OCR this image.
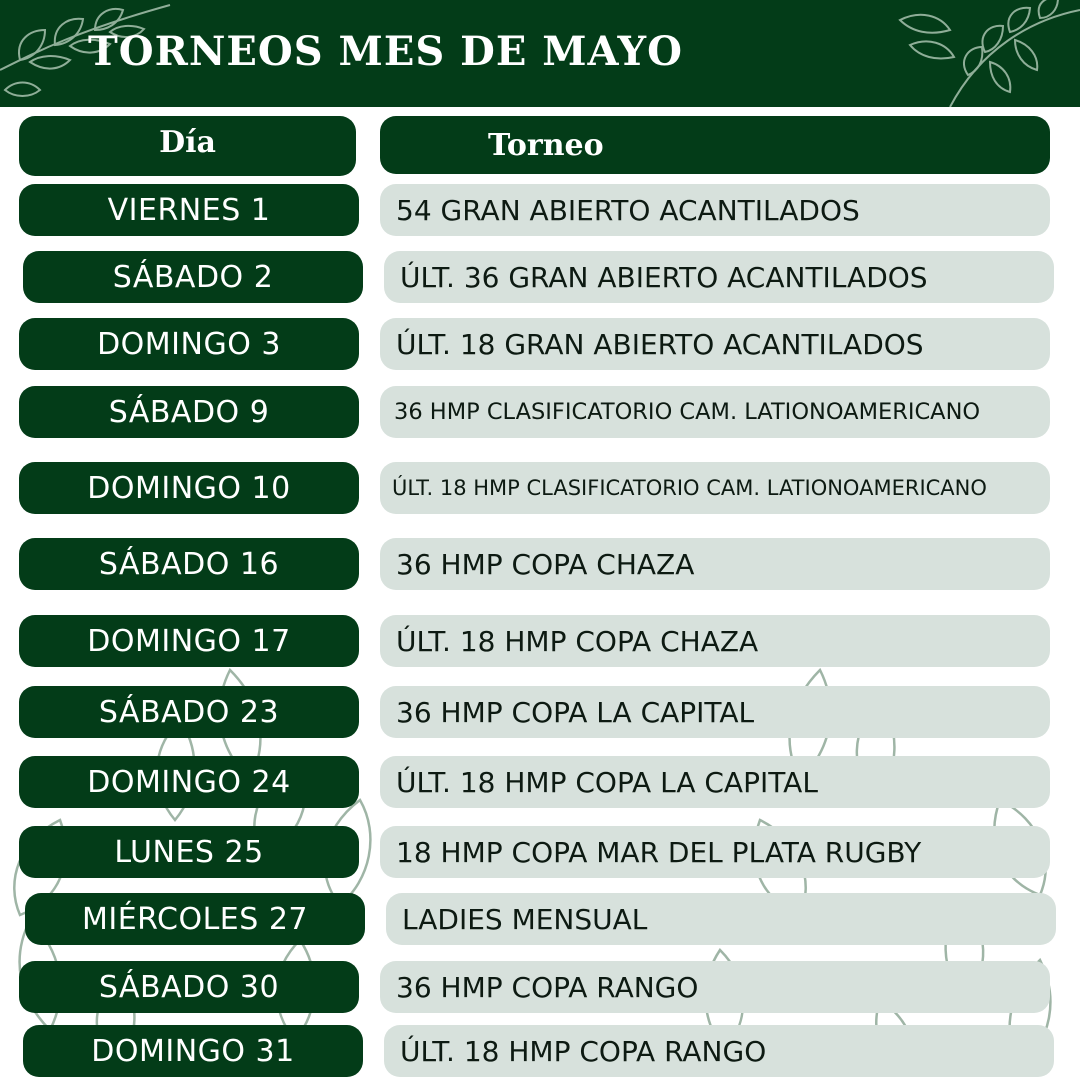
TORNEOS MES DE MAYO
Día	Torneo
VIERNES 1	54 GRAN ABIERTO ACANTILADOS
SÁBADO 2	ÚLT. 36 GRAN ABIERTO ACANTILADOS
DOMINGO 3	ÚLT. 18 GRAN ABIERTO ACANTILADOS
SÁBADO 9	36 HMP CLASIFICATORIO CAM. LATIONOAMERICANO
DOMINGO 10	ÚLT. 18 HMP CLASIFICATORIO CAM. LATIONOAMERICANO
SÁBADO 16	36 HMP COPA CHAZA
DOMINGO 17	ÚLT. 18 HMP COPA CHAZA
SÁBADO 23	36 HMP COPA LA CAPITAL
DOMINGO 24	ÚLT. 18 HMP COPA LA CAPITAL
LUNES 25	18 HMP COPA MAR DEL PLATA RUGBY
MIÉRCOLES 27	LADIES MENSUAL
SÁBADO 30	36 HMP COPA RANGO
DOMINGO 31	ÚLT. 18 HMP COPA RANGO
